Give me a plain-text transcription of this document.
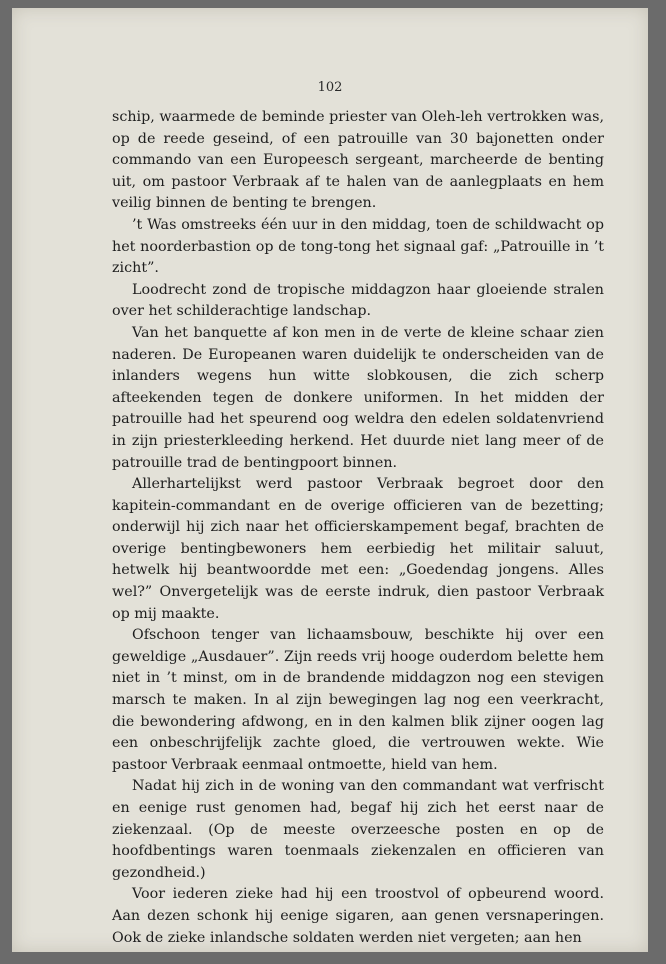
102

schip, waarmede de beminde priester van Oleh-leh vertrokken was, op de reede geseind, of een patrouille van 30 bajonetten onder commando van een Europeesch sergeant, marcheerde de benting uit, om pastoor Verbraak af te halen van de aanlegplaats en hem veilig binnen de benting te brengen.

’t Was omstreeks één uur in den middag, toen de schildwacht op het noorderbastion op de tong-tong het signaal gaf: „Patrouille in ’t zicht”.

Loodrecht zond de tropische middagzon haar gloeiende stralen over het schilderachtige landschap.

Van het banquette af kon men in de verte de kleine schaar zien naderen. De Europeanen waren duidelijk te onderscheiden van de inlanders wegens hun witte slobkousen, die zich scherp afteekenden tegen de donkere uniformen. In het midden der patrouille had het speurend oog weldra den edelen soldatenvriend in zijn priesterkleeding herkend. Het duurde niet lang meer of de patrouille trad de bentingpoort binnen.

Allerhartelijkst werd pastoor Verbraak begroet door den kapitein-commandant en de overige officieren van de bezetting; onderwijl hij zich naar het officierskampement begaf, brachten de overige bentingbewoners hem eerbiedig het militair saluut, hetwelk hij beantwoordde met een: „Goedendag jongens. Alles wel?” Onvergetelijk was de eerste indruk, dien pastoor Verbraak op mij maakte.

Ofschoon tenger van lichaamsbouw, beschikte hij over een geweldige „Ausdauer”. Zijn reeds vrij hooge ouderdom belette hem niet in ’t minst, om in de brandende middagzon nog een stevigen marsch te maken. In al zijn bewegingen lag nog een veerkracht, die bewondering afdwong, en in den kalmen blik zijner oogen lag een onbeschrijfelijk zachte gloed, die vertrouwen wekte. Wie pastoor Verbraak eenmaal ontmoette, hield van hem.

Nadat hij zich in de woning van den commandant wat verfrischt en eenige rust genomen had, begaf hij zich het eerst naar de ziekenzaal. (Op de meeste overzeesche posten en op de hoofdbentings waren toenmaals ziekenzalen en officieren van gezondheid.)

Voor iederen zieke had hij een troostvol of opbeurend woord. Aan dezen schonk hij eenige sigaren, aan genen versnaperingen. Ook de zieke inlandsche soldaten werden niet vergeten; aan hen
